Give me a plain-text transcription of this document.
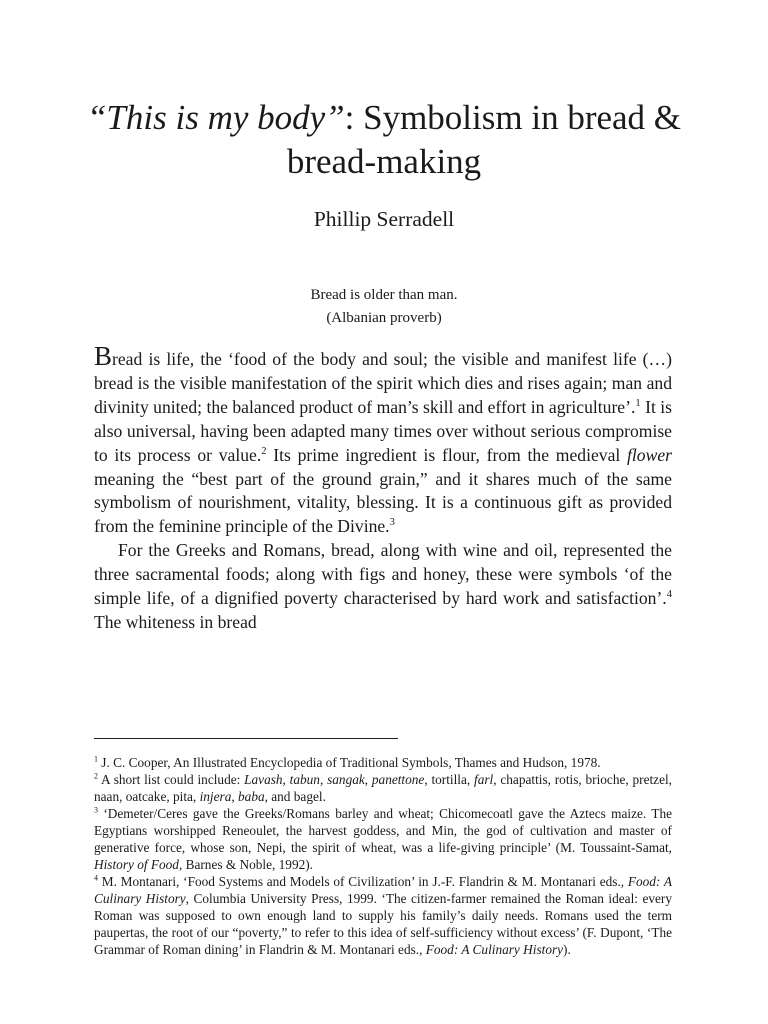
“This is my body”: Symbolism in bread & bread-making
Phillip Serradell
Bread is older than man.
(Albanian proverb)

Bread is life, the ‘food of the body and soul; the visible and manifest life (…) bread is the visible manifestation of the spirit which dies and rises again; man and divinity united; the balanced product of man’s skill and effort in agriculture’.$^1$ It is also universal, having been adapted many times over without serious compromise to its process or value.$^2$ Its prime ingredient is flour, from the medieval flower meaning the “best part of the ground grain,” and it shares much of the same symbolism of nourishment, vitality, blessing. It is a continuous gift as provided from the feminine principle of the Divine.$^3$

For the Greeks and Romans, bread, along with wine and oil, represented the three sacramental foods; along with figs and honey, these were symbols ‘of the simple life, of a dignified poverty characterised by hard work and satisfaction’.$^4$ The whiteness in bread

$^1$ J. C. Cooper, An Illustrated Encyclopedia of Traditional Symbols, Thames and Hudson, 1978.

$^2$ A short list could include: Lavash, tabun, sangak, panettone, tortilla, farl, chapattis, rotis, brioche, pretzel, naan, oatcake, pita, injera, baba, and bagel.

$^3$ ‘Demeter/Ceres gave the Greeks/Romans barley and wheat; Chicomecoatl gave the Aztecs maize. The Egyptians worshipped Reneoulet, the harvest goddess, and Min, the god of cultivation and master of generative force, whose son, Nepi, the spirit of wheat, was a life-giving principle’ (M. Toussaint-Samat, History of Food, Barnes & Noble, 1992).

$^4$ M. Montanari, ‘Food Systems and Models of Civilization’ in J.-F. Flandrin & M. Montanari eds., Food: A Culinary History, Columbia University Press, 1999. ‘The citizen-farmer remained the Roman ideal: every Roman was supposed to own enough land to supply his family’s daily needs. Romans used the term paupertas, the root of our “poverty,” to refer to this idea of self-sufficiency without excess’ (F. Dupont, ‘The Grammar of Roman dining’ in Flandrin & M. Montanari eds., Food: A Culinary History).
